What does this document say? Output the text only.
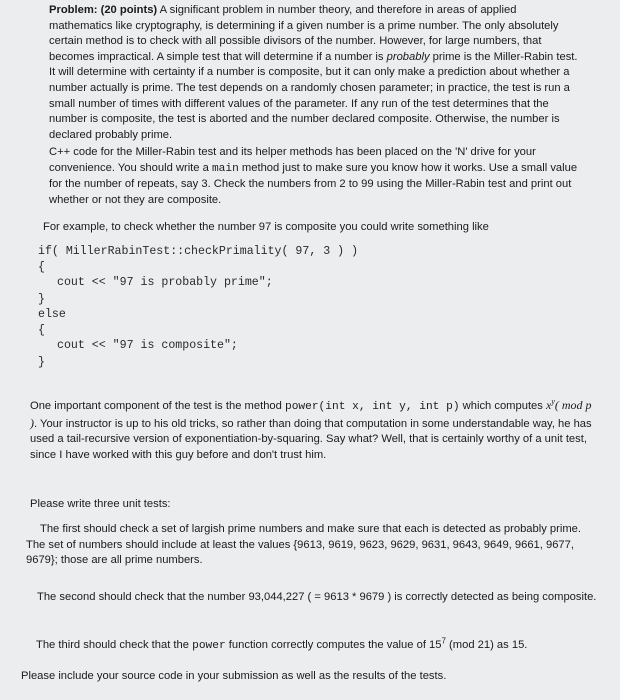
Problem: (20 points) A significant problem in number theory, and therefore in areas of applied mathematics like cryptography, is determining if a given number is a prime number. The only absolutely certain method is to check with all possible divisors of the number. However, for large numbers, that becomes impractical. A simple test that will determine if a number is probably prime is the Miller-Rabin test. It will determine with certainty if a number is composite, but it can only make a prediction about whether a number actually is prime. The test depends on a randomly chosen parameter; in practice, the test is run a small number of times with different values of the parameter. If any run of the test determines that the number is composite, the test is aborted and the number declared composite. Otherwise, the number is declared probably prime.

C++ code for the Miller-Rabin test and its helper methods has been placed on the 'N' drive for your convenience. You should write a main method just to make sure you know how it works. Use a small value for the number of repeats, say 3. Check the numbers from 2 to 99 using the Miller-Rabin test and print out whether or not they are composite.

For example, to check whether the number 97 is composite you could write something like

if( MillerRabinTest::checkPrimality( 97, 3 ) )
{
cout << "97 is probably prime";
}
else
{
cout << "97 is composite";
}

One important component of the test is the method power(int x, int y, int p) which computes $x^y$( mod p ). Your instructor is up to his old tricks, so rather than doing that computation in some understandable way, he has used a tail-recursive version of exponentiation-by-squaring. Say what? Well, that is certainly worthy of a unit test, since I have worked with this guy before and don't trust him.

Please write three unit tests:

The first should check a set of largish prime numbers and make sure that each is detected as probably prime. The set of numbers should include at least the values {9613, 9619, 9623, 9629, 9631, 9643, 9649, 9661, 9677, 9679}; those are all prime numbers.

The second should check that the number 93,044,227 ( = 9613 * 9679 ) is correctly detected as being composite.

The third should check that the power function correctly computes the value of $15^7$ (mod 21) as 15.

Please include your source code in your submission as well as the results of the tests.
